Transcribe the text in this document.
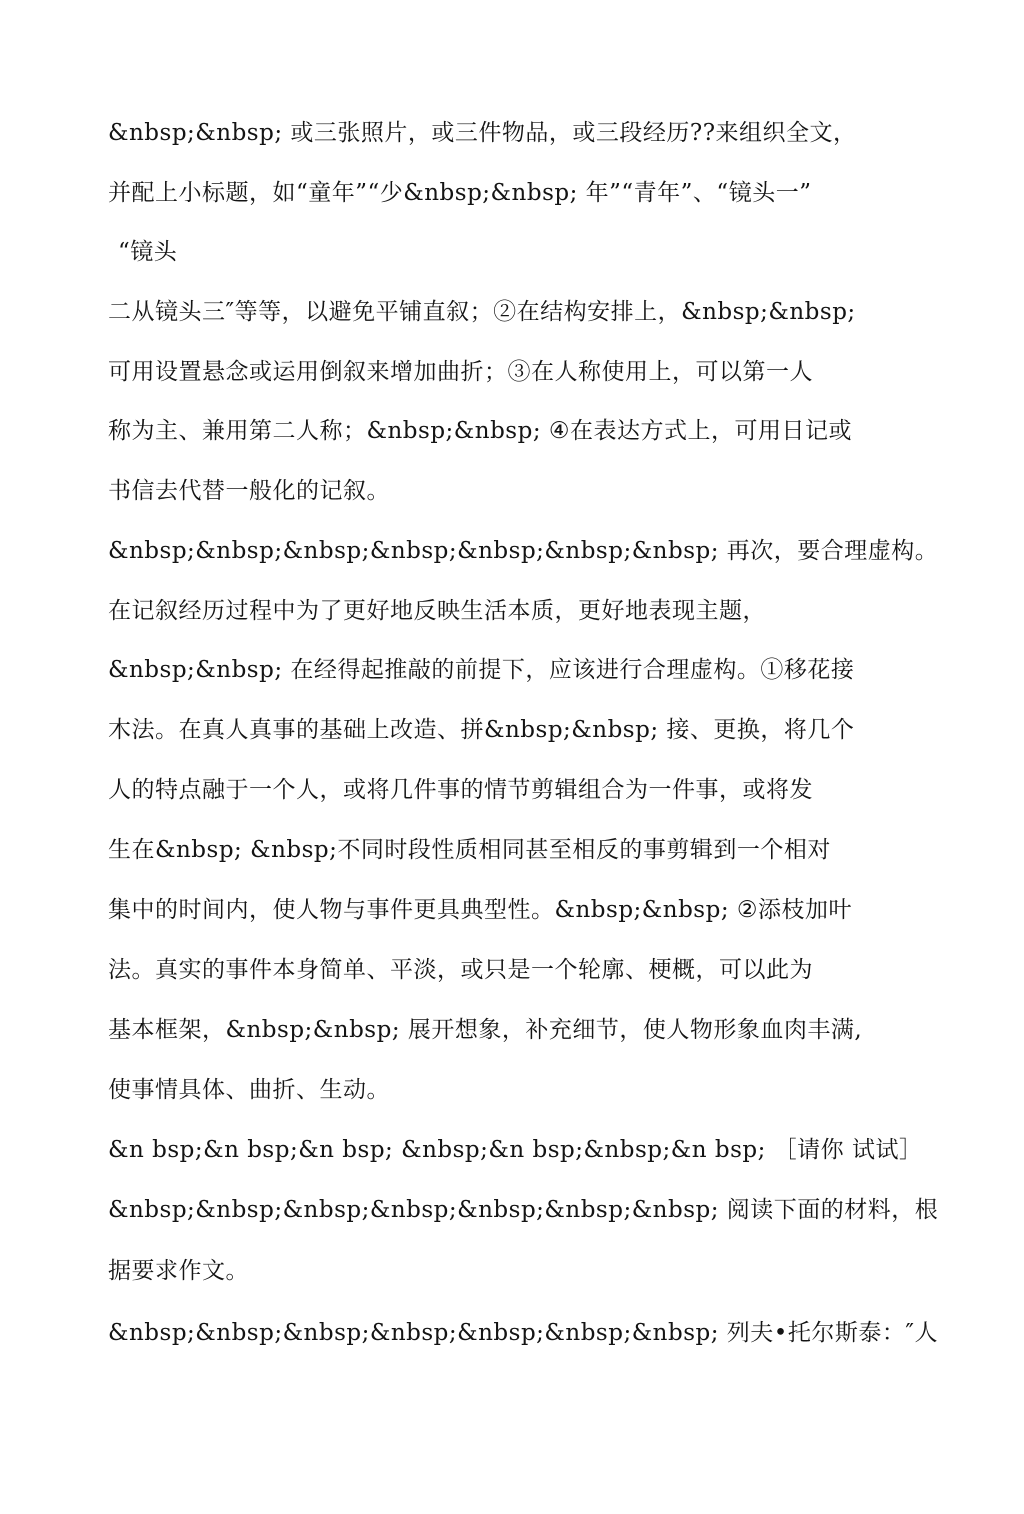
&nbsp;&nbsp; 或三张照片，或三件物品，或三段经历??来组织全文，
并配上小标题，如“童年”“少&nbsp;&nbsp; 年”“青年”、“镜头一”
“镜头
二从镜头三″等等，以避免平铺直叙；②在结构安排上，&nbsp;&nbsp;
可用设置悬念或运用倒叙来增加曲折；③在人称使用上，可以第一人
称为主、兼用第二人称；&nbsp;&nbsp; ④在表达方式上，可用日记或
书信去代替一般化的记叙。
&nbsp;&nbsp;&nbsp;&nbsp;&nbsp;&nbsp;&nbsp; 再次，要合理虚构。
在记叙经历过程中为了更好地反映生活本质，更好地表现主题，
&nbsp;&nbsp; 在经得起推敲的前提下，应该进行合理虚构。①移花接
木法。在真人真事的基础上改造、拼&nbsp;&nbsp; 接、更换，将几个
人的特点融于一个人，或将几件事的情节剪辑组合为一件事，或将发
生在&nbsp; &nbsp;不同时段性质相同甚至相反的事剪辑到一个相对
集中的时间内，使人物与事件更具典型性。&nbsp;&nbsp; ②添枝加叶
法。真实的事件本身简单、平淡，或只是一个轮廓、梗概，可以此为
基本框架，&nbsp;&nbsp; 展开想象，补充细节，使人物形象血肉丰满,
使事情具体、曲折、生动。
&n bsp;&n bsp;&n bsp; &nbsp;&n bsp;&nbsp;&n bsp; ［请你 试试］
&nbsp;&nbsp;&nbsp;&nbsp;&nbsp;&nbsp;&nbsp; 阅读下面的材料，根
据要求作文。
&nbsp;&nbsp;&nbsp;&nbsp;&nbsp;&nbsp;&nbsp; 列夫•托尔斯泰：″人
